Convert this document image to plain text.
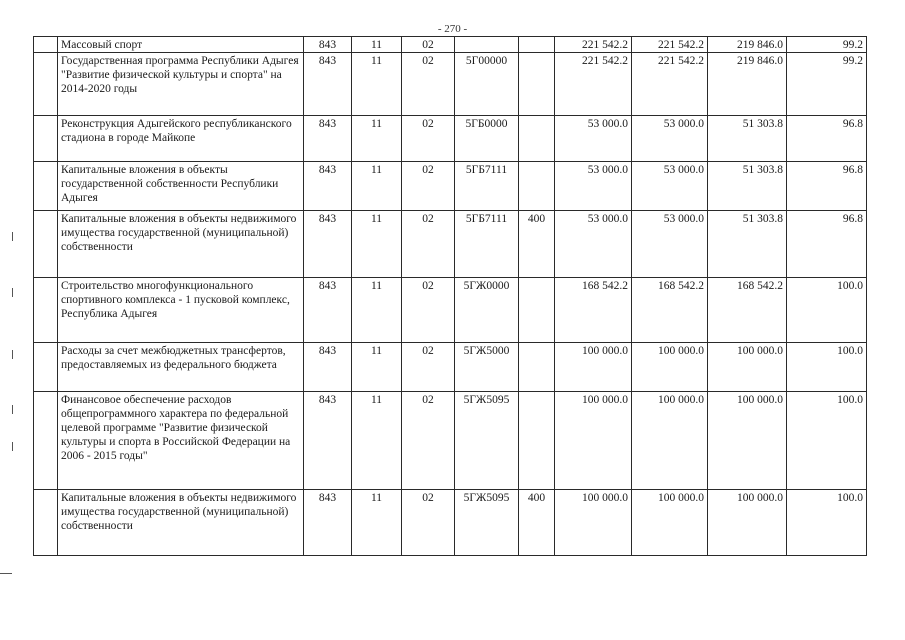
- 270 -
	Массовый спорт	843	11	02			221 542.2	221 542.2	219 846.0	99.2
	Государственная программа Республики Адыгея "Развитие физической культуры и спорта" на 2014-2020 годы	843	11	02	5Г00000		221 542.2	221 542.2	219 846.0	99.2
	Реконструкция Адыгейского республиканского стадиона в городе Майкопе	843	11	02	5ГБ0000		53 000.0	53 000.0	51 303.8	96.8
	Капитальные вложения в объекты государственной собственности Республики Адыгея	843	11	02	5ГБ7111		53 000.0	53 000.0	51 303.8	96.8
	Капитальные вложения в объекты недвижимого имущества государственной (муниципальной) собственности	843	11	02	5ГБ7111	400	53 000.0	53 000.0	51 303.8	96.8
	Строительство многофункционального спортивного комплекса - 1 пусковой комплекс, Республика Адыгея	843	11	02	5ГЖ0000		168 542.2	168 542.2	168 542.2	100.0
	Расходы за счет межбюджетных трансфертов, предоставляемых из федерального бюджета	843	11	02	5ГЖ5000		100 000.0	100 000.0	100 000.0	100.0
	Финансовое обеспечение расходов общепрограммного характера по федеральной целевой программе "Развитие физической культуры и спорта в Российской Федерации на 2006 - 2015 годы"	843	11	02	5ГЖ5095		100 000.0	100 000.0	100 000.0	100.0
	Капитальные вложения в объекты недвижимого имущества государственной (муниципальной) собственности	843	11	02	5ГЖ5095	400	100 000.0	100 000.0	100 000.0	100.0
